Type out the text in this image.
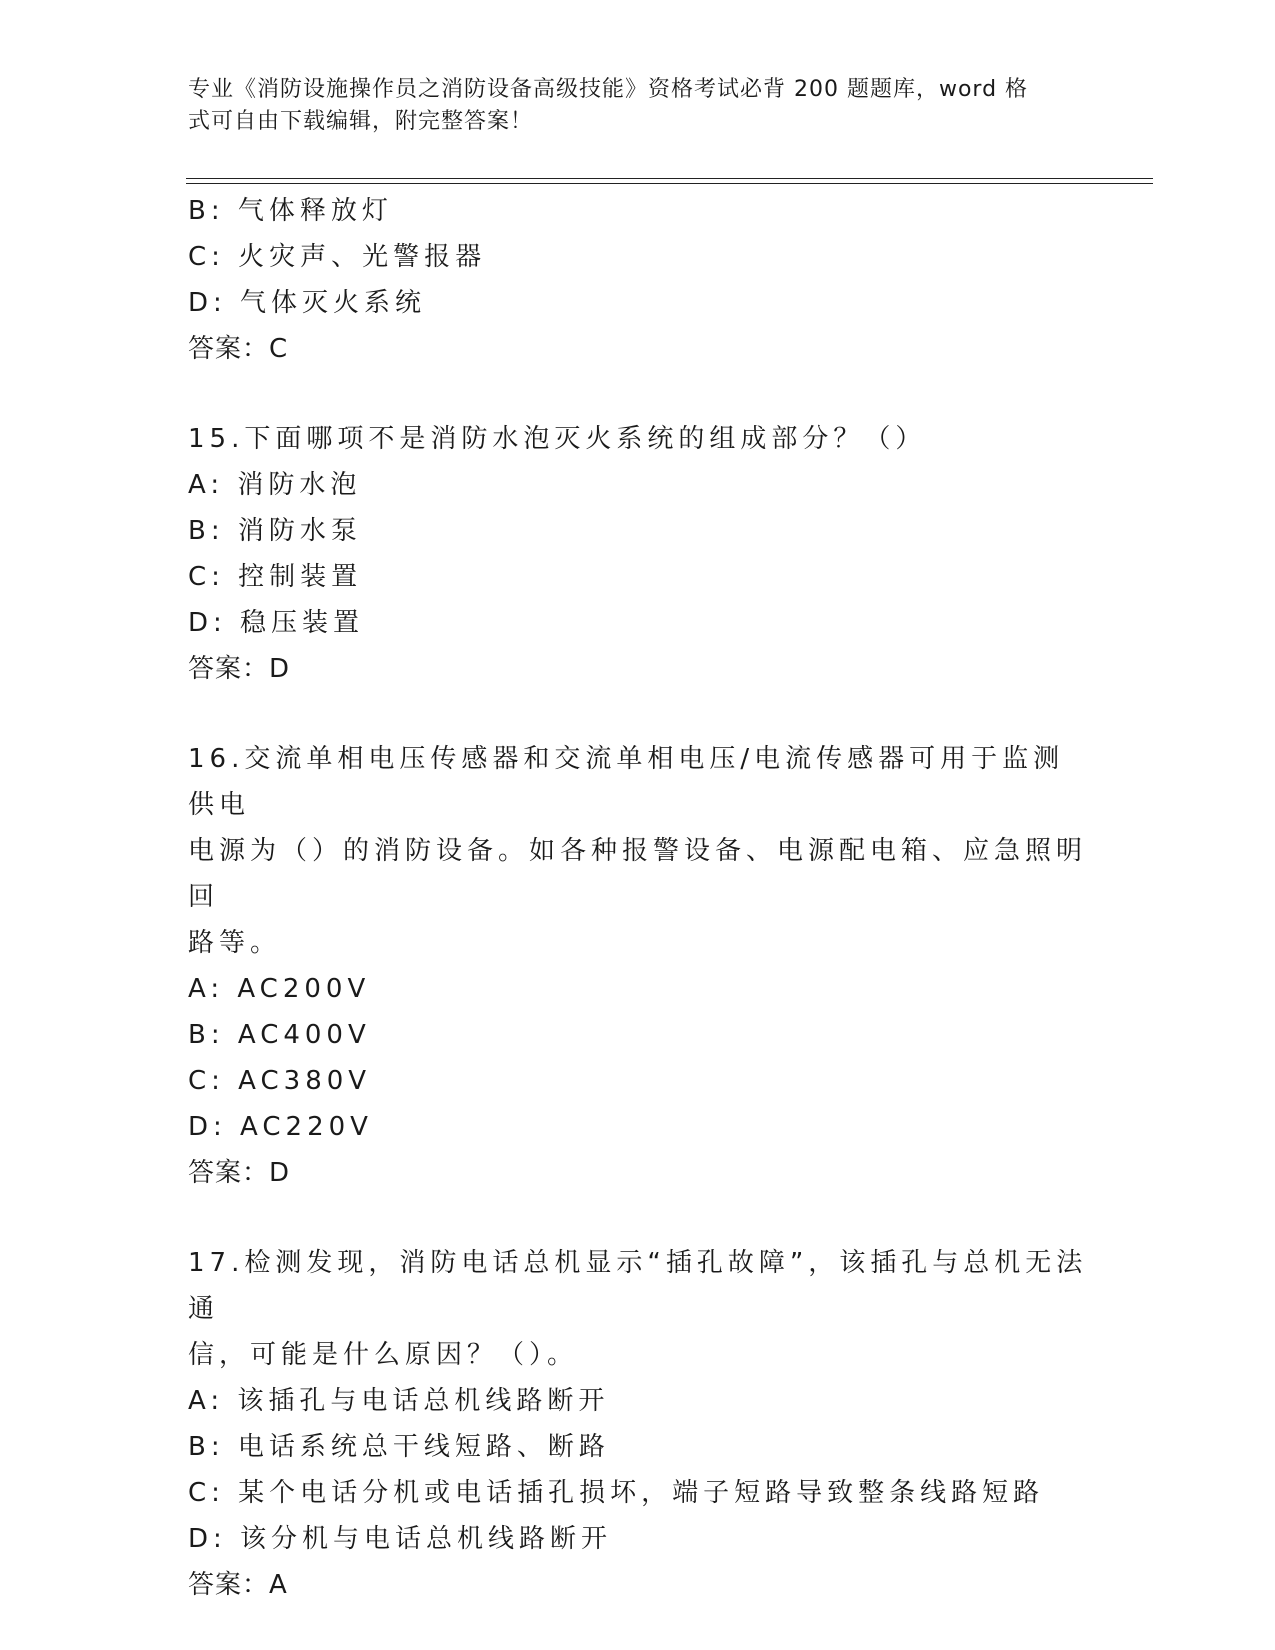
专业《消防设施操作员之消防设备高级技能》资格考试必背 200 题题库，word 格
式可自由下载编辑，附完整答案！
B: 气体释放灯
C: 火灾声、光警报器
D: 气体灭火系统
答案：C
15.下面哪项不是消防水泡灭火系统的组成部分？（）
A: 消防水泡
B: 消防水泵
C: 控制装置
D: 稳压装置
答案：D
16.交流单相电压传感器和交流单相电压/电流传感器可用于监测供电
电源为（）的消防设备。如各种报警设备、电源配电箱、应急照明回
路等。
A: AC200V
B: AC400V
C: AC380V
D: AC220V
答案：D
17.检测发现，消防电话总机显示“插孔故障”，该插孔与总机无法通
信，可能是什么原因？（）。
A: 该插孔与电话总机线路断开
B: 电话系统总干线短路、断路
C: 某个电话分机或电话插孔损坏，端子短路导致整条线路短路
D: 该分机与电话总机线路断开
答案：A
